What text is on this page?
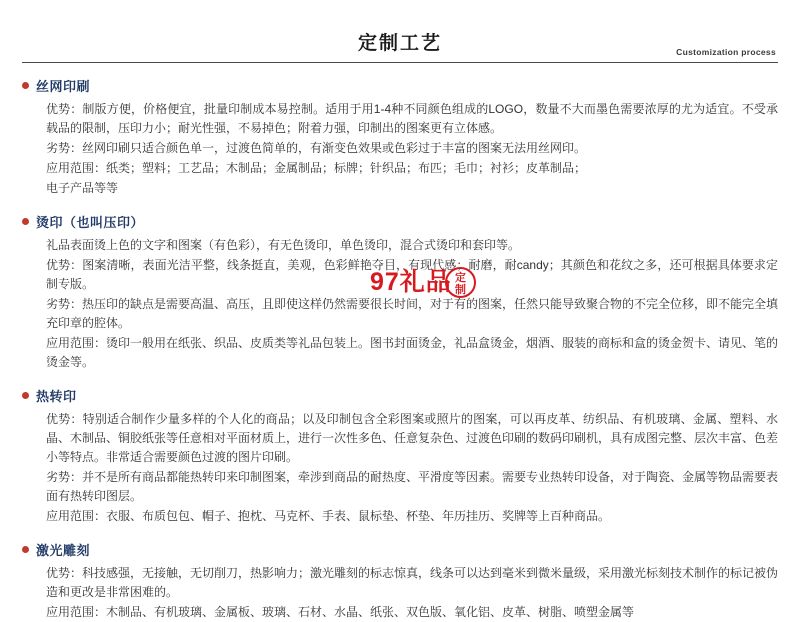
定制工艺	Customization process
丝网印刷

优势：制版方便，价格便宜，批量印制成本易控制。适用于用1-4种不同颜色组成的LOGO，数量不大而墨色需要浓厚的尤为适宜。不受承载品的限制，压印力小；耐光性强，不易掉色；附着力强，印制出的图案更有立体感。

劣势：丝网印刷只适合颜色单一，过渡色简单的，有渐变色效果或色彩过于丰富的图案无法用丝网印。

应用范围：纸类；塑料；工艺品；木制品；金属制品；标牌；针织品；布匹；毛巾；衬衫；皮革制品；

电子产品等等

烫印（也叫压印）

礼品表面烫上色的文字和图案（有色彩），有无色烫印，单色烫印，混合式烫印和套印等。

优势：图案清晰，表面光洁平整，线条挺直，美观，色彩鲜艳夺目，有现代感；耐磨，耐candy；其颜色和花纹之多，还可根据具体要求定制专版。

劣势：热压印的缺点是需要高温、高压，且即使这样仍然需要很长时间，对于有的图案，任然只能导致聚合物的不完全位移，即不能完全填充印章的腔体。

应用范围：烫印一般用在纸张、织品、皮质类等礼品包装上。图书封面烫金，礼品盒烫金，烟酒、服装的商标和盒的烫金贺卡、请见、笔的烫金等。

热转印

优势：特别适合制作少量多样的个人化的商品；以及印制包含全彩图案或照片的图案，可以再皮革、纺织品、有机玻璃、金属、塑料、水晶、木制品、铜胶纸张等任意相对平面材质上，进行一次性多色、任意复杂色、过渡色印刷的数码印刷机，具有成图完整、层次丰富、色差小等特点。非常适合需要颜色过渡的图片印刷。

劣势：并不是所有商品都能热转印来印制图案，牵涉到商品的耐热度、平滑度等因素。需要专业热转印设备，对于陶瓷、金属等物品需要表面有热转印图层。

应用范围：衣服、布质包包、帽子、抱枕、马克杯、手表、鼠标垫、杯垫、年历挂历、奖牌等上百种商品。

激光雕刻

优势：科技感强，无接触，无切削刀，热影响力；激光雕刻的标志惊真，线条可以达到毫米到微米量级，采用激光标刻技术制作的标记被伪造和更改是非常困难的。

应用范围：木制品、有机玻璃、金属板、玻璃、石材、水晶、纸张、双色版、氧化铝、皮革、树脂、喷塑金属等

97礼品 定
制
